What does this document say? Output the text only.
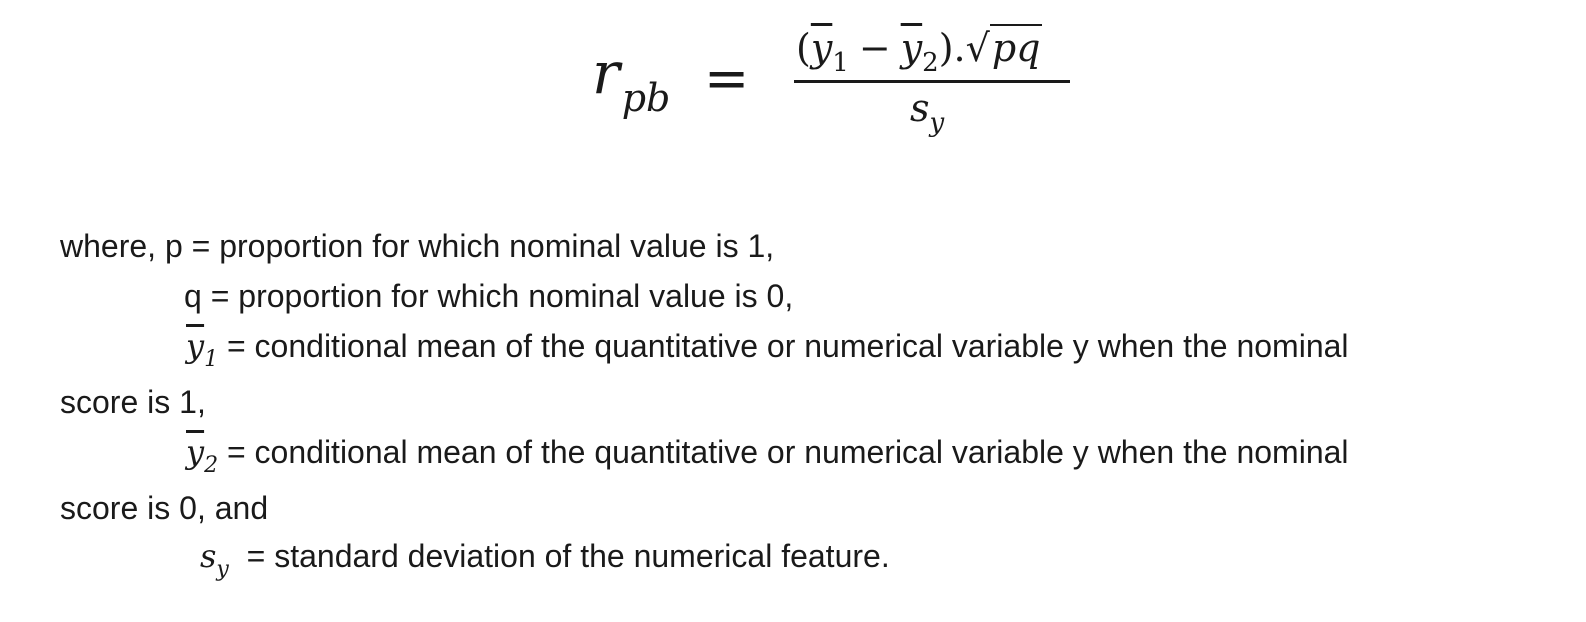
$r_{pb} = (\overline{y}_1 - \overline{y}_2).√pq$
$s_y$
where, p = proportion for which nominal value is 1,
q = proportion for which nominal value is 0,
$\overline{y}_1$ = conditional mean of the quantitative or numerical variable y when the nominal
score is 1,
$\overline{y}_2$ = conditional mean of the quantitative or numerical variable y when the nominal
score is 0, and
$s_y$  = standard deviation of the numerical feature.
